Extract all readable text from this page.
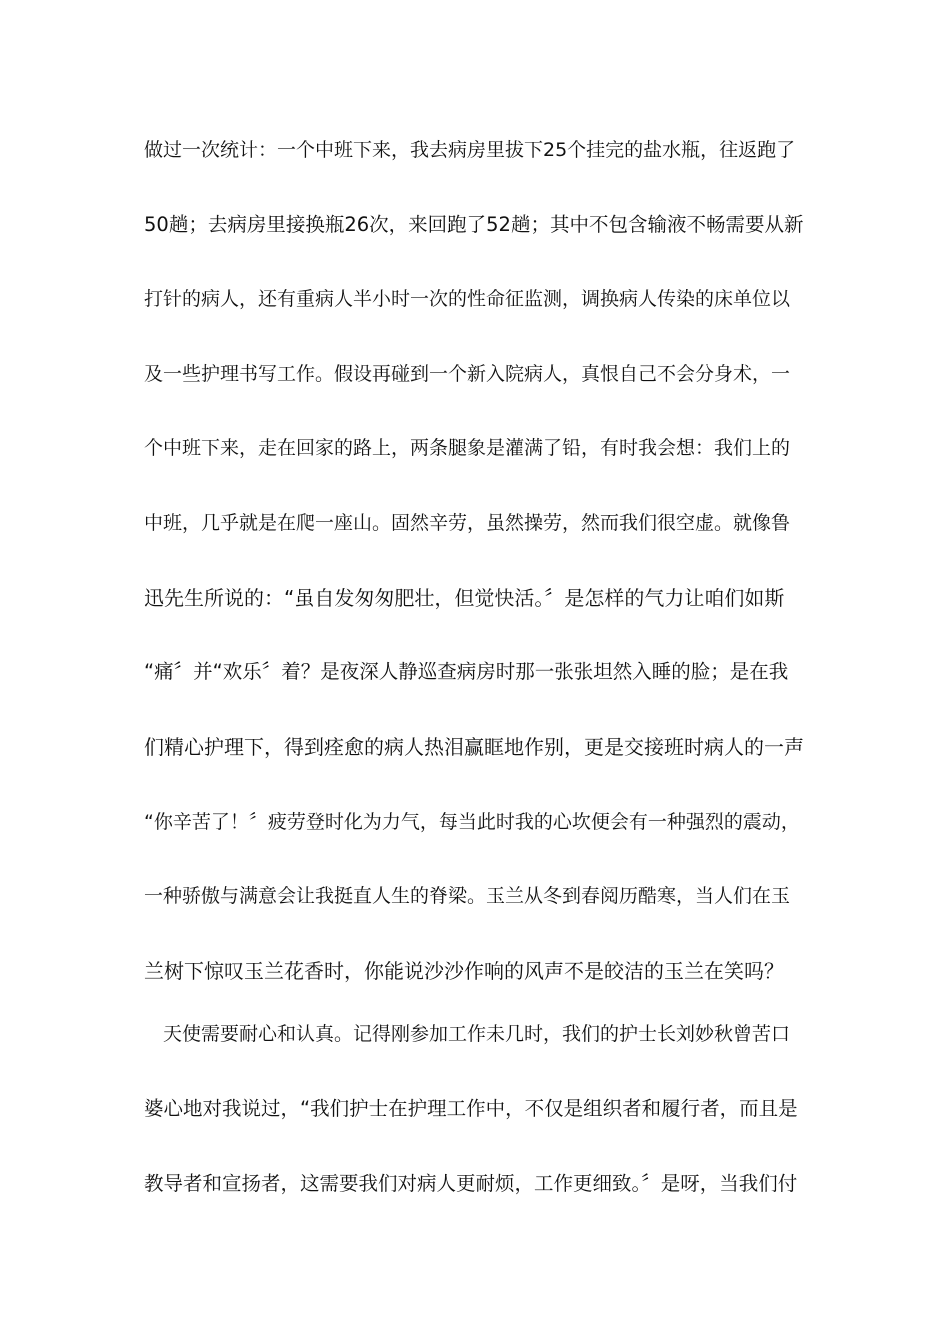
做过一次统计：一个中班下来，我去病房里拔下25个挂完的盐水瓶，往返跑了
50趟；去病房里接换瓶26次，来回跑了52趟；其中不包含输液不畅需要从新
打针的病人，还有重病人半小时一次的性命征监测，调换病人传染的床单位以
及一些护理书写工作。假设再碰到一个新入院病人，真恨自己不会分身术，一
个中班下来，走在回家的路上，两条腿象是灌满了铅，有时我会想：我们上的
中班，几乎就是在爬一座山。固然辛劳，虽然操劳，然而我们很空虚。就像鲁
迅先生所说的：“虽自发匆匆肥壮，但觉快活。〞是怎样的气力让咱们如斯
“痛〞并“欢乐〞着？是夜深人静巡查病房时那一张张坦然入睡的脸；是在我
们精心护理下，得到痊愈的病人热泪赢眶地作别，更是交接班时病人的一声
“你辛苦了！〞疲劳登时化为力气，每当此时我的心坎便会有一种强烈的震动，
一种骄傲与满意会让我挺直人生的脊梁。玉兰从冬到春阅历酷寒，当人们在玉
兰树下惊叹玉兰花香时，你能说沙沙作响的风声不是皎洁的玉兰在笑吗？
　天使需要耐心和认真。记得刚参加工作未几时，我们的护士长刘妙秋曾苦口
婆心地对我说过，“我们护士在护理工作中，不仅是组织者和履行者，而且是
教导者和宣扬者，这需要我们对病人更耐烦，工作更细致。〞是呀，当我们付
